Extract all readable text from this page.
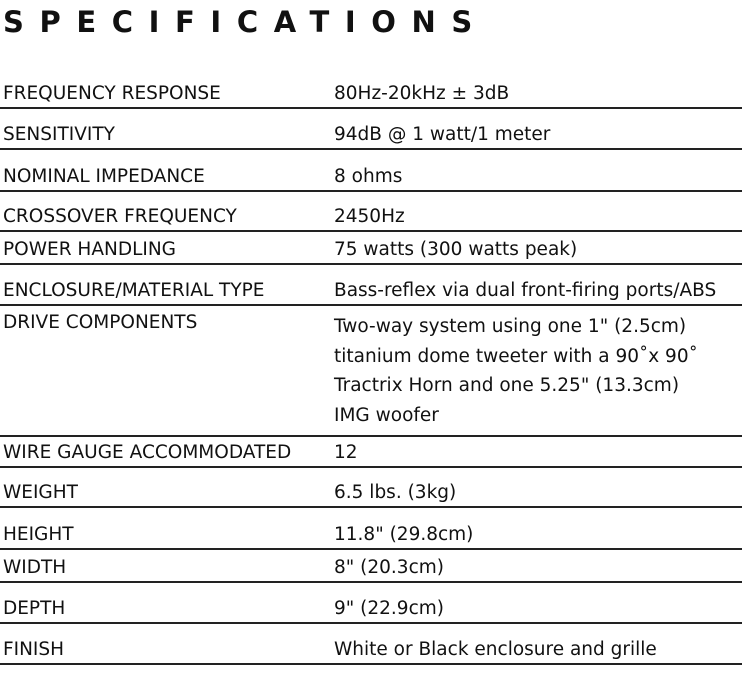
SPECIFICATIONS
FREQUENCY RESPONSE	80Hz-20kHz ± 3dB
SENSITIVITY	94dB @ 1 watt/1 meter
NOMINAL IMPEDANCE	8 ohms
CROSSOVER FREQUENCY	2450Hz
POWER HANDLING	75 watts (300 watts peak)
ENCLOSURE/MATERIAL TYPE	Bass-reflex via dual front-firing ports/ABS
DRIVE COMPONENTS	Two-way system using one 1" (2.5cm)
titanium dome tweeter with a 90˚x 90˚
Tractrix Horn and one 5.25" (13.3cm)
IMG woofer
WIRE GAUGE ACCOMMODATED 12
WEIGHT	6.5 lbs. (3kg)
HEIGHT	11.8" (29.8cm)
WIDTH	8" (20.3cm)
DEPTH	9" (22.9cm)
FINISH	White or Black enclosure and grille
